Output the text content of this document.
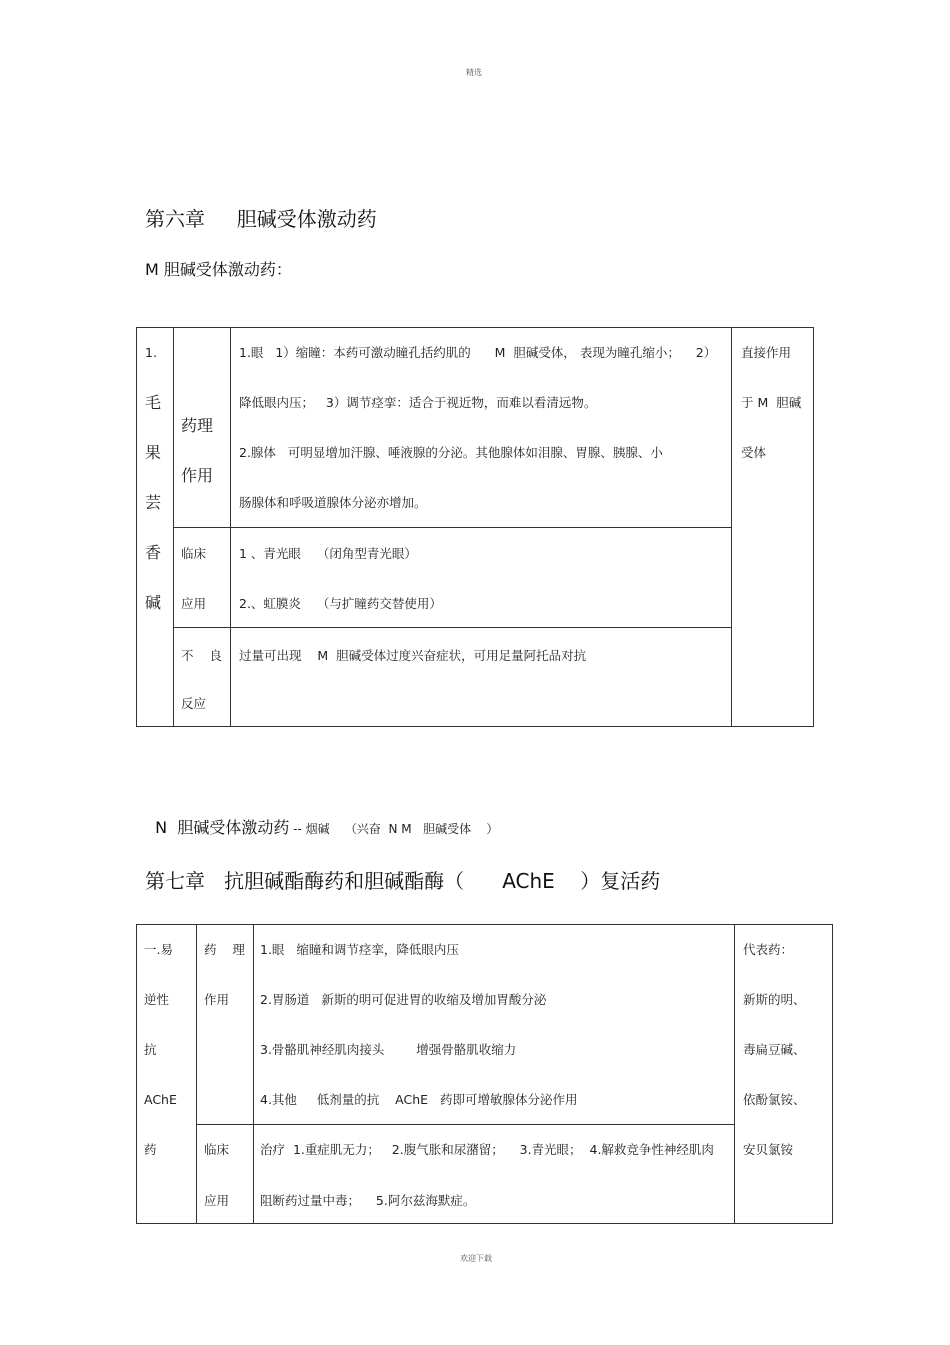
精选
欢迎下载
第六章     胆碱受体激动药
M 胆碱受体激动药：
1.
毛
果
芸
香
碱
药理
作用
临床
应用
不    良
反应
1.眼   1）缩瞳：本药可激动瞳孔括约肌的      M  胆碱受体， 表现为瞳孔缩小；    2）
降低眼内压；   3）调节痉挛：适合于视近物，而难以看清远物。
2.腺体   可明显增加汗腺、唾液腺的分泌。其他腺体如泪腺、胃腺、胰腺、小
肠腺体和呼吸道腺体分泌亦增加。
1 、青光眼    （闭角型青光眼）
2.、虹膜炎    （与扩瞳药交替使用）
过量可出现    M  胆碱受体过度兴奋症状，可用足量阿托品对抗
直接作用
于 M  胆碱
受体

N  胆碱受体激动药 -- 烟碱    （兴奋  N M   胆碱受体    ）

第七章   抗胆碱酯酶药和胆碱酯酶（      AChE    ）复活药
一.易
逆性
抗
AChE
药
药    理
作用
临床
应用
1.眼   缩瞳和调节痉挛，降低眼内压
2.胃肠道   新斯的明可促进胃的收缩及增加胃酸分泌
3.骨骼肌神经肌肉接头        增强骨骼肌收缩力
4.其他     低剂量的抗    AChE   药即可增敏腺体分泌作用
治疗  1.重症肌无力；   2.腹气胀和尿潴留；    3.青光眼；  4.解救竞争性神经肌肉
阻断药过量中毒；    5.阿尔兹海默症。
代表药：
新斯的明、
毒扁豆碱、
依酚氯铵、
安贝氯铵
